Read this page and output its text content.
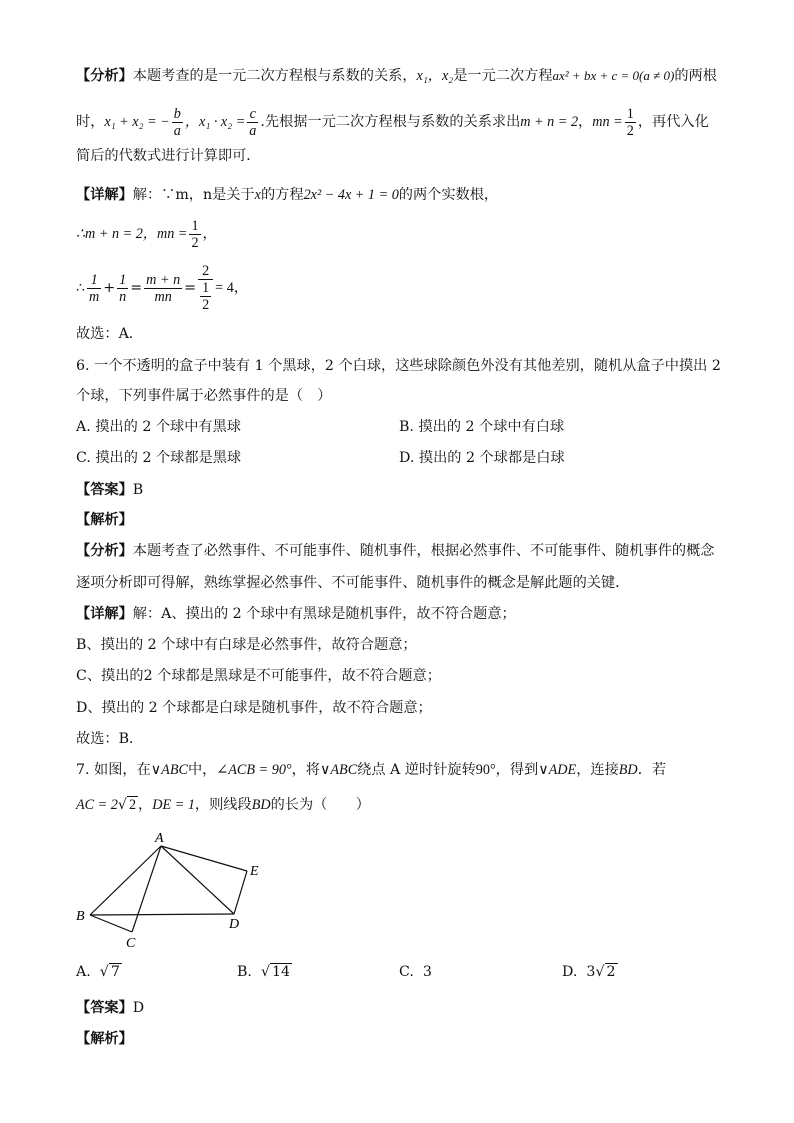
【分析】本题考查的是一元二次方程根与系数的关系，x₁，x₂是一元二次方程ax² + bx + c = 0(a ≠ 0)的两根
时，x₁ + x₂ = − $\frac{b}{a}$ ，$x_1 \cdot x_2 = \frac{c}{a}$ .先根据一元二次方程根与系数的关系求出m + n = 2，mn = $\frac{1}{2}$ ，再代入化
简后的代数式进行计算即可．
【详解】解：∵m，n是关于x的方程2x² − 4x + 1 = 0的两个实数根，
∴m + n = 2，mn = $\frac{1}{2}$ ，
∴ $\frac{1}{m} + \frac{1}{n} = \frac{m + n}{mn} = 2$
1
2 = 4，
故选：A．
6. 一个不透明的盒子中装有 1 个黑球，2 个白球，这些球除颜色外没有其他差别，随机从盒子中摸出 2
个球，下列事件属于必然事件的是（　）
A. 摸出的 2 个球中有黑球	B. 摸出的 2 个球中有白球
C. 摸出的 2 个球都是黑球	D. 摸出的 2 个球都是白球
【答案】B
【解析】
【分析】本题考查了必然事件、不可能事件、随机事件，根据必然事件、不可能事件、随机事件的概念
逐项分析即可得解，熟练掌握必然事件、不可能事件、随机事件的概念是解此题的关键．
【详解】解：A、摸出的 2 个球中有黑球是随机事件，故不符合题意；
B、摸出的 2 个球中有白球是必然事件，故符合题意；
C、摸出的2 个球都是黑球是不可能事件，故不符合题意；
D、摸出的 2 个球都是白球是随机事件，故不符合题意；
故选：B．
7. 如图，在∨ABC中，∠ACB = 90°，将∨ABC绕点 A 逆时针旋转90°，得到∨ADE，连接BD．若
AC = 2√ 2 ，DE = 1，则线段BD的长为（　　）
A
B
C
D
E
A. √ 7	B. √ 14	C. 3	D. 3√ 2
【答案】D
【解析】
